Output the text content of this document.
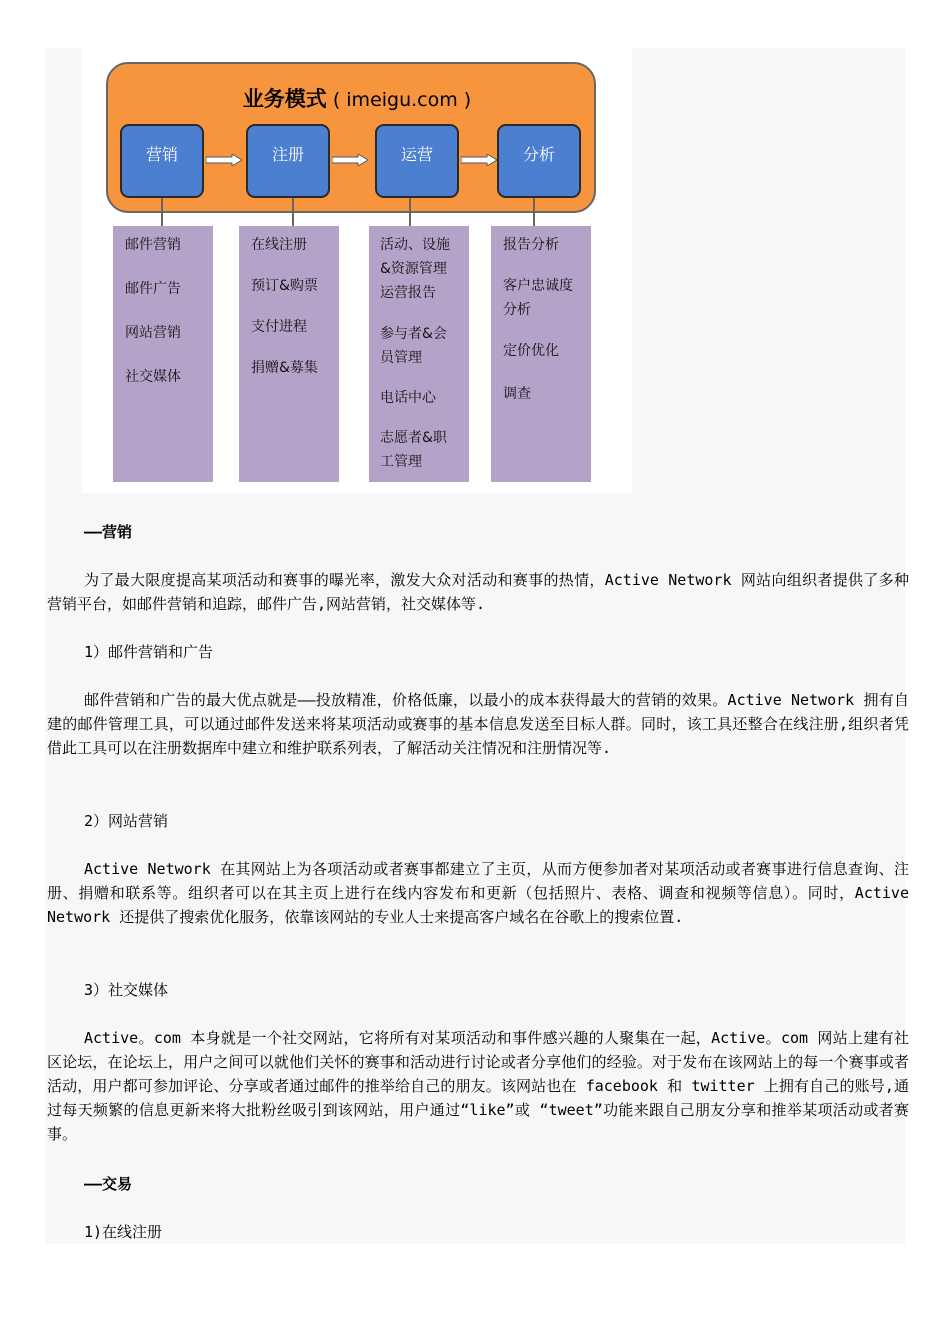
业务模式 ( imeigu.com )
营销	注册	运营	分析
邮件营销
邮件广告
网站营销
社交媒体
在线注册
预订&购票
支付进程
捐赠&募集
活动、设施&资源管理运营报告
参与者&会员管理
电话中心
志愿者&职工管理
报告分析
客户忠诚度分析
定价优化
调查
——营销
为了最大限度提高某项活动和赛事的曝光率，激发大众对活动和赛事的热情，Active Network 网站向组织者提供了多种营销平台，如邮件营销和追踪，邮件广告,网站营销，社交媒体等.
1）邮件营销和广告
邮件营销和广告的最大优点就是——投放精准，价格低廉，以最小的成本获得最大的营销的效果。Active Network 拥有自建的邮件管理工具，可以通过邮件发送来将某项活动或赛事的基本信息发送至目标人群。同时，该工具还整合在线注册,组织者凭借此工具可以在注册数据库中建立和维护联系列表，了解活动关注情况和注册情况等.
2）网站营销
Active Network 在其网站上为各项活动或者赛事都建立了主页，从而方便参加者对某项活动或者赛事进行信息查询、注册、捐赠和联系等。组织者可以在其主页上进行在线内容发布和更新（包括照片、表格、调查和视频等信息）。同时，Active Network 还提供了搜索优化服务，依靠该网站的专业人士来提高客户域名在谷歌上的搜索位置.
3）社交媒体
Active。com 本身就是一个社交网站，它将所有对某项活动和事件感兴趣的人聚集在一起，Active。com 网站上建有社区论坛，在论坛上，用户之间可以就他们关怀的赛事和活动进行讨论或者分享他们的经验。对于发布在该网站上的每一个赛事或者活动，用户都可参加评论、分享或者通过邮件的推举给自己的朋友。该网站也在 facebook 和 twitter 上拥有自己的账号,通过每天频繁的信息更新来将大批粉丝吸引到该网站，用户通过“like”或 “tweet”功能来跟自己朋友分享和推举某项活动或者赛事。
——交易
1)在线注册
